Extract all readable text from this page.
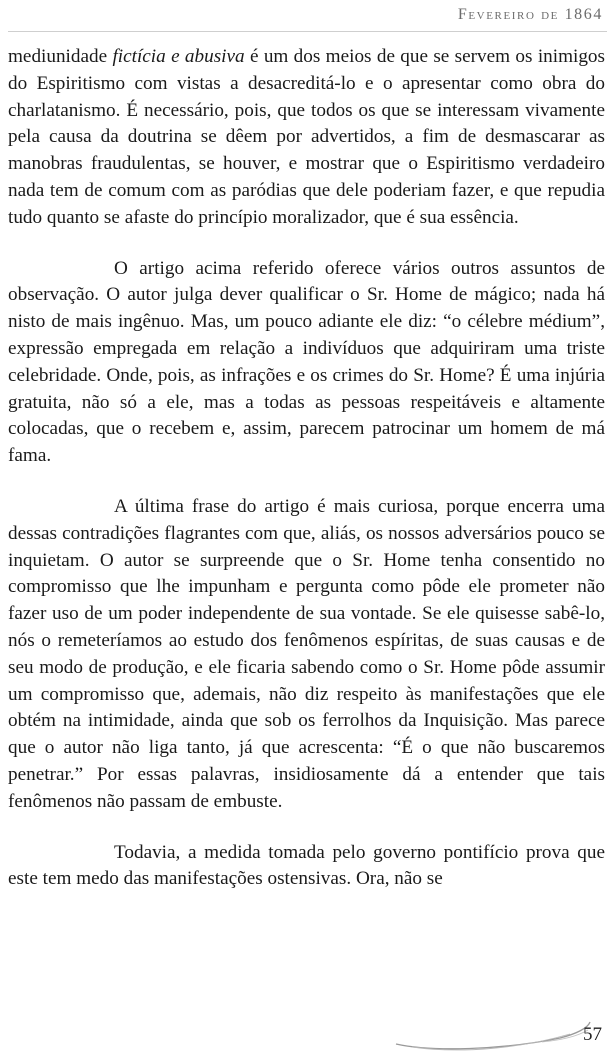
Fevereiro de 1864

mediunidade fictícia e abusiva é um dos meios de que se servem os inimigos do Espiritismo com vistas a desacreditá-lo e o apresentar como obra do charlatanismo. É necessário, pois, que todos os que se interessam vivamente pela causa da doutrina se dêem por advertidos, a fim de desmascarar as manobras fraudulentas, se houver, e mostrar que o Espiritismo verdadeiro nada tem de comum com as paródias que dele poderiam fazer, e que repudia tudo quanto se afaste do princípio moralizador, que é sua essência.

O artigo acima referido oferece vários outros assuntos de observação. O autor julga dever qualificar o Sr. Home de mágico; nada há nisto de mais ingênuo. Mas, um pouco adiante ele diz: “o célebre médium”, expressão empregada em relação a indivíduos que adquiriram uma triste celebridade. Onde, pois, as infrações e os crimes do Sr. Home? É uma injúria gratuita, não só a ele, mas a todas as pessoas respeitáveis e altamente colocadas, que o recebem e, assim, parecem patrocinar um homem de má fama.

A última frase do artigo é mais curiosa, porque encerra uma dessas contradições flagrantes com que, aliás, os nossos adversários pouco se inquietam. O autor se surpreende que o Sr. Home tenha consentido no compromisso que lhe impunham e pergunta como pôde ele prometer não fazer uso de um poder independente de sua vontade. Se ele quisesse sabê-lo, nós o remeteríamos ao estudo dos fenômenos espíritas, de suas causas e de seu modo de produção, e ele ficaria sabendo como o Sr. Home pôde assumir um compromisso que, ademais, não diz respeito às manifestações que ele obtém na intimidade, ainda que sob os ferrolhos da Inquisição. Mas parece que o autor não liga tanto, já que acrescenta: “É o que não buscaremos penetrar.” Por essas palavras, insidiosamente dá a entender que tais fenômenos não passam de embuste.

Todavia, a medida tomada pelo governo pontifício prova que este tem medo das manifestações ostensivas. Ora, não se

57
